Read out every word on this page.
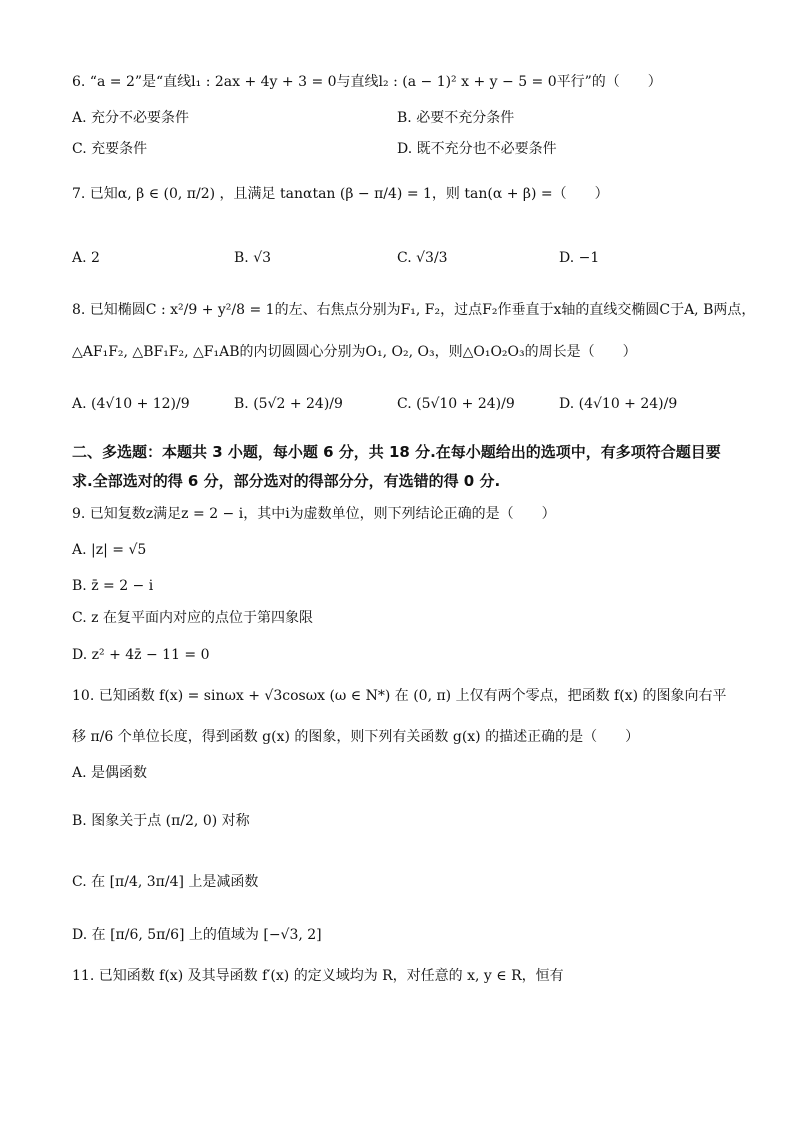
6. “a = 2”是“直线l₁ : 2ax + 4y + 3 = 0与直线l₂ : (a − 1)² x + y − 5 = 0平行”的（　　）
A. 充分不必要条件	B. 必要不充分条件
C. 充要条件	D. 既不充分也不必要条件
7. 已知α, β ∈ (0, π/2) ，且满足 tanαtan (β − π/4) = 1，则 tan(α + β) =（　　）
A. 2	B. √3	C. √3/3	D. −1
8. 已知椭圆C : x²/9 + y²/8 = 1的左、右焦点分别为F₁, F₂，过点F₂作垂直于x轴的直线交椭圆C于A, B两点，
△AF₁F₂, △BF₁F₂, △F₁AB的内切圆圆心分别为O₁, O₂, O₃，则△O₁O₂O₃的周长是（　　）
A. (4√10 + 12)/9	B. (5√2 + 24)/9	C. (5√10 + 24)/9	D. (4√10 + 24)/9
二、多选题：本题共 3 小题，每小题 6 分，共 18 分.在每小题给出的选项中，有多项符合题目要求.全部选对的得 6 分，部分选对的得部分分，有选错的得 0 分.
9. 已知复数z满足z = 2 − i，其中i为虚数单位，则下列结论正确的是（　　）
A. |z| = √5
B. z̄ = 2 − i
C. z 在复平面内对应的点位于第四象限
D. z² + 4z̄ − 11 = 0
10. 已知函数 f(x) = sinωx + √3cosωx (ω ∈ N*) 在 (0, π) 上仅有两个零点，把函数 f(x) 的图象向右平
移 π/6 个单位长度，得到函数 g(x) 的图象，则下列有关函数 g(x) 的描述正确的是（　　）
A. 是偶函数
B. 图象关于点 (π/2, 0) 对称
C. 在 [π/4, 3π/4] 上是减函数
D. 在 [π/6, 5π/6] 上的值域为 [−√3, 2]
11. 已知函数 f(x) 及其导函数 f′(x) 的定义域均为 R，对任意的 x, y ∈ R，恒有
